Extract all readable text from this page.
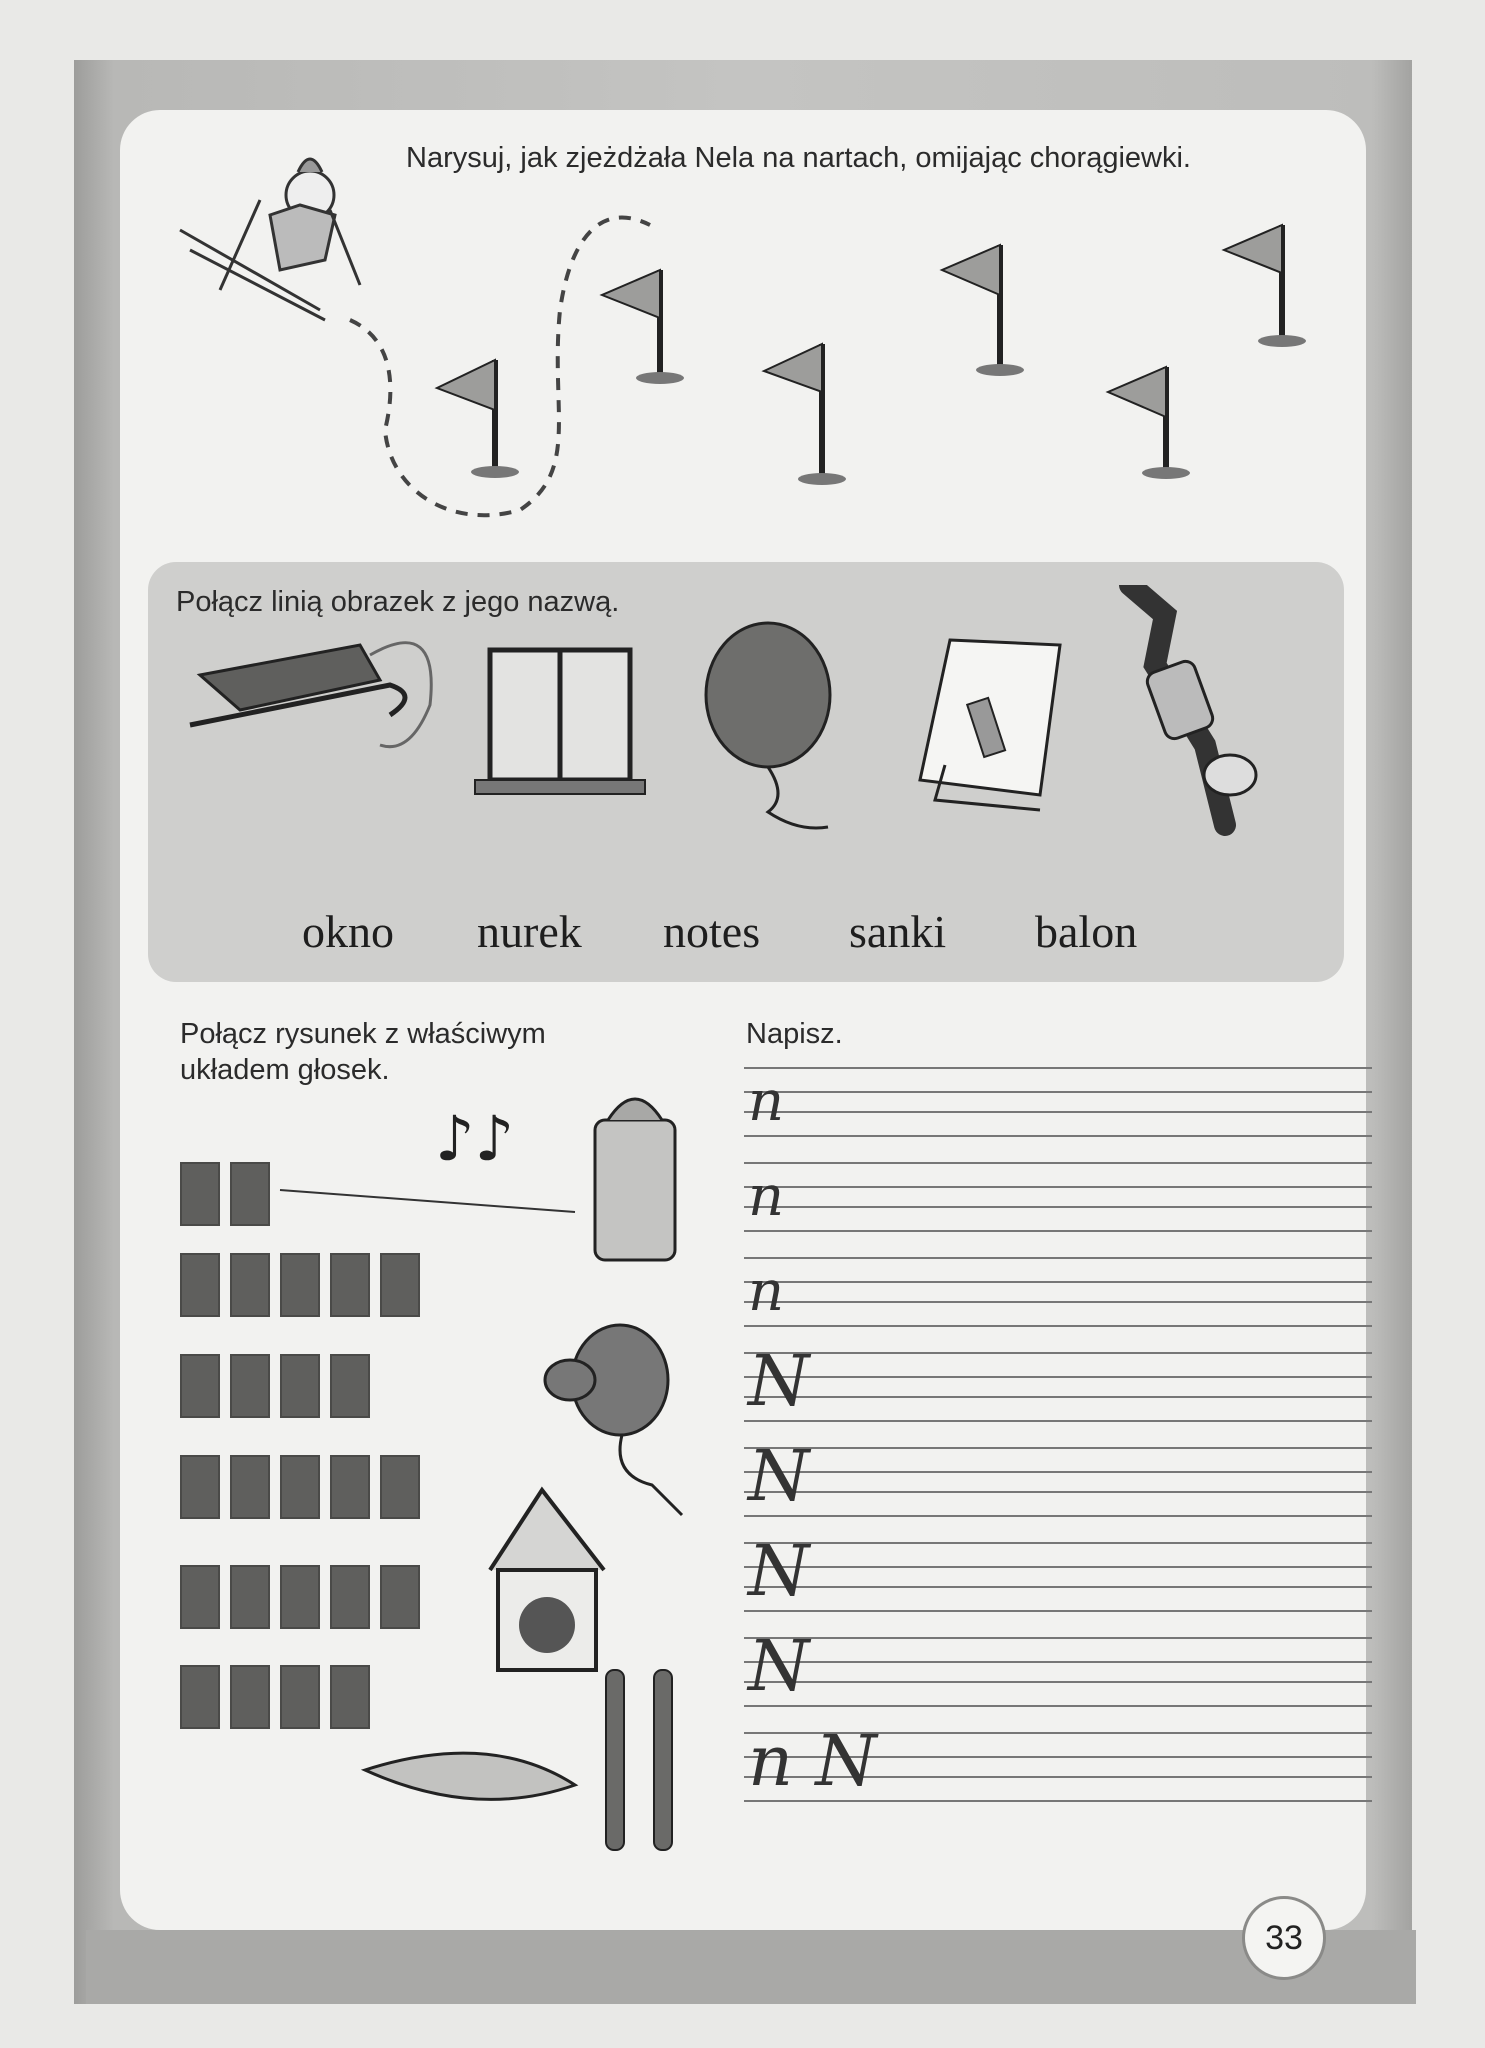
Narysuj, jak zjeżdżała Nela na nartach, omijając chorągiewki.
Połącz linią obrazek z jego nazwą.
okno nurek notes sanki balon
Połącz rysunek z właściwym
układem głosek.
♪♪
Napisz.
n
n
n
N
N
N
N
n N
33
